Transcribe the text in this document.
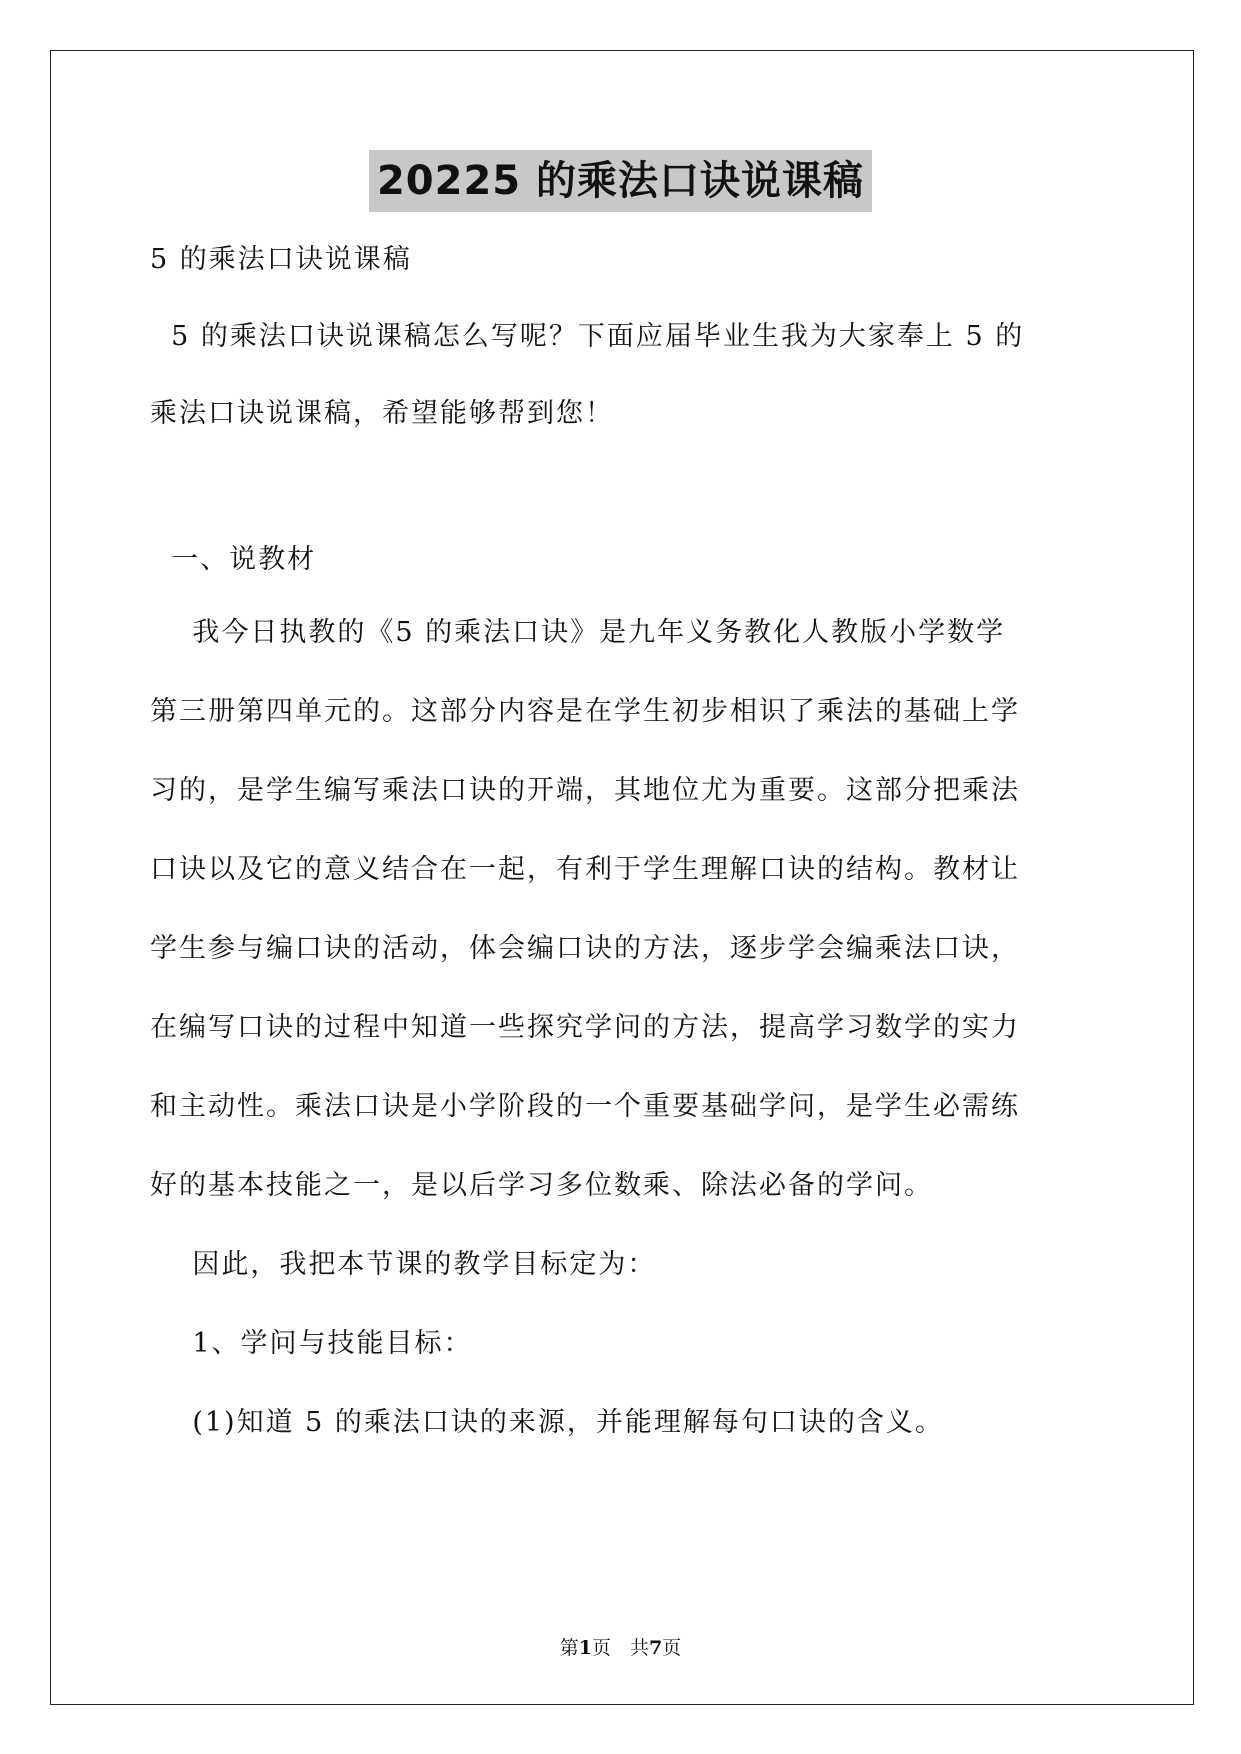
20225 的乘法口诀说课稿
5 的乘法口诀说课稿
5 的乘法口诀说课稿怎么写呢？下面应届毕业生我为大家奉上 5 的
乘法口诀说课稿，希望能够帮到您！
一、说教材
我今日执教的《5 的乘法口诀》是九年义务教化人教版小学数学
第三册第四单元的。这部分内容是在学生初步相识了乘法的基础上学
习的，是学生编写乘法口诀的开端，其地位尤为重要。这部分把乘法
口诀以及它的意义结合在一起，有利于学生理解口诀的结构。教材让
学生参与编口诀的活动，体会编口诀的方法，逐步学会编乘法口诀，
在编写口诀的过程中知道一些探究学问的方法，提高学习数学的实力
和主动性。乘法口诀是小学阶段的一个重要基础学问，是学生必需练
好的基本技能之一，是以后学习多位数乘、除法必备的学问。
因此，我把本节课的教学目标定为：
1、学问与技能目标：
(1)知道 5 的乘法口诀的来源，并能理解每句口诀的含义。
第1页　共7页
